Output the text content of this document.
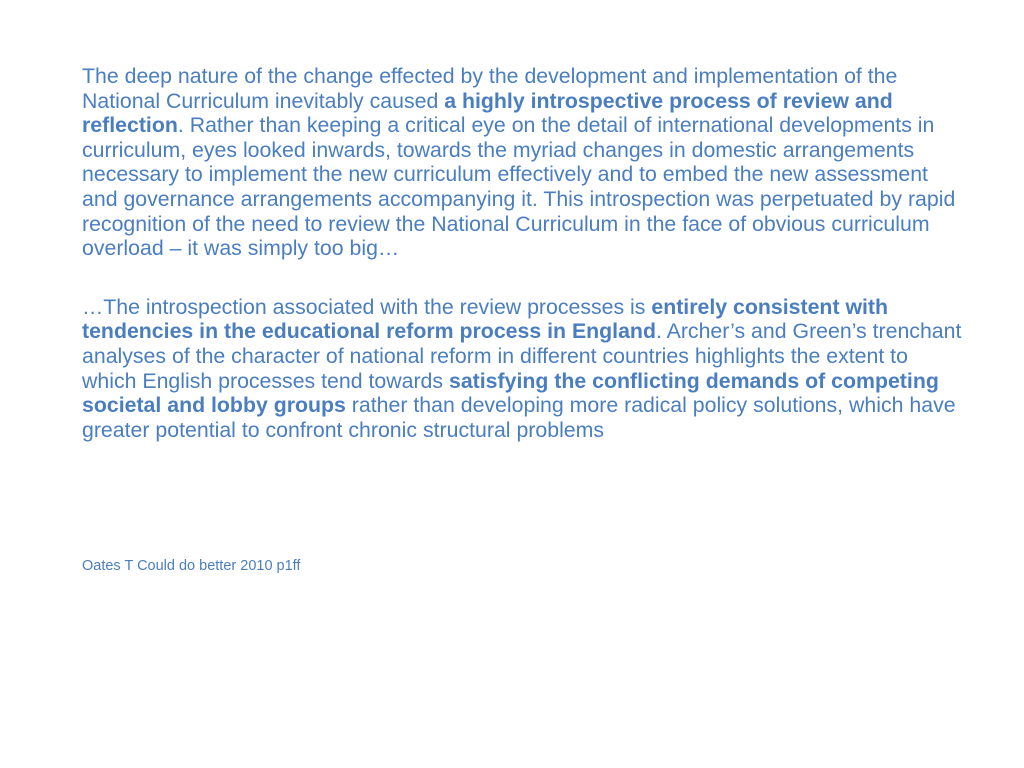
The deep nature of the change effected by the development and implementation of the National Curriculum inevitably caused a highly introspective process of review and reflection. Rather than keeping a critical eye on the detail of international developments in curriculum, eyes looked inwards, towards the myriad changes in domestic arrangements necessary to implement the new curriculum effectively and to embed the new assessment and governance arrangements accompanying it. This introspection was perpetuated by rapid recognition of the need to review the National Curriculum in the face of obvious curriculum overload – it was simply too big…

…The introspection associated with the review processes is entirely consistent with tendencies in the educational reform process in England. Archer’s and Green’s trenchant analyses of the character of national reform in different countries highlights the extent to which English processes tend towards satisfying the conflicting demands of competing societal and lobby groups rather than developing more radical policy solutions, which have greater potential to confront chronic structural problems

Oates T Could do better 2010 p1ff
